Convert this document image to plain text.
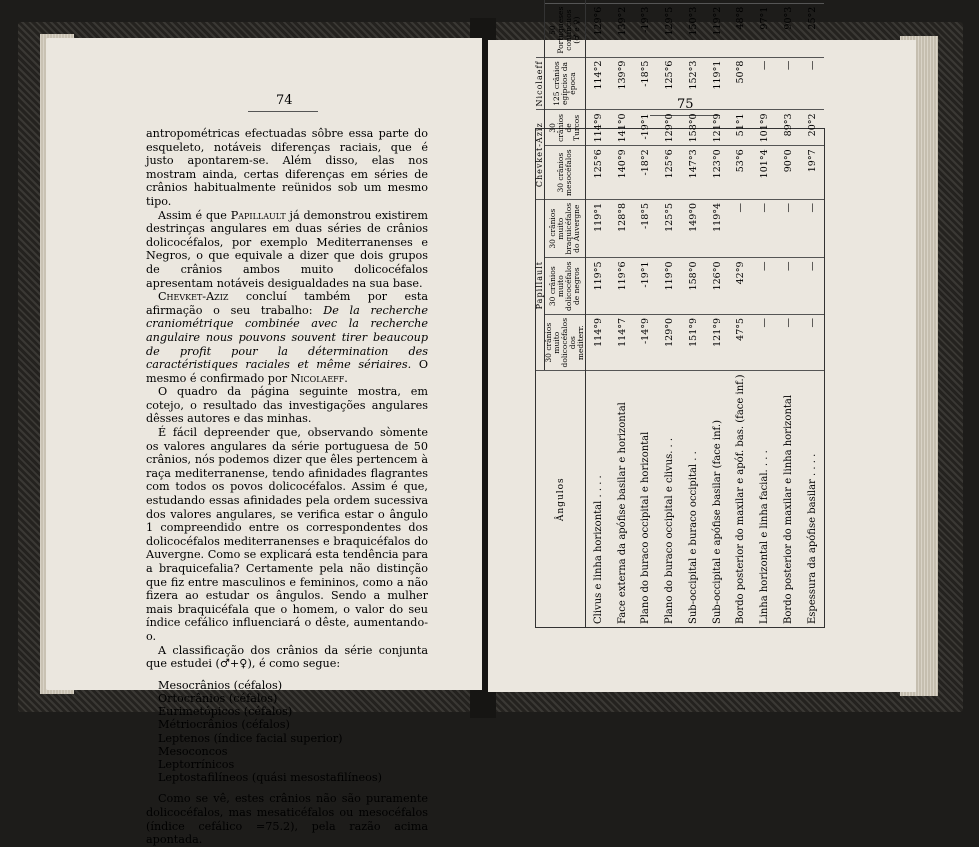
74	75

antropométricas efectuadas sôbre essa parte do esqueleto, notáveis diferenças raciais, que é justo apontarem-se. Além disso, elas nos mostram ainda, certas diferenças em séries de crânios habitualmente reünidos sob um mesmo tipo.

Assim é que Papillault já demonstrou existirem destrinças angulares em duas séries de crânios dolicocéfalos, por exemplo Mediterranenses e Negros, o que equivale a dizer que dois grupos de crânios ambos muito dolicocéfalos apresentam notáveis desigualdades na sua base.

Chevket-Aziz concluí também por esta afirmação o seu trabalho: De la recherche craniométrique combinée avec la recherche angulaire nous pouvons souvent tirer beaucoup de profit pour la détermination des caractéristiques raciales et même sériaires. O mesmo é confirmado por Nicolaeff.

O quadro da página seguinte mostra, em cotejo, o resultado das investigações angulares dêsses autores e das minhas.

É fácil depreender que, observando sòmente os valores angulares da série portuguesa de 50 crânios, nós podemos dizer que êles pertencem à raça mediterranense, tendo afinidades flagrantes com todos os povos dolicocéfalos. Assim é que, estudando essas afinidades pela ordem sucessiva dos valores angulares, se verifica estar o ângulo 1 compreendido entre os correspondentes dos dolicocéfalos mediterranenses e braquicéfalos do Auvergne. Como se explicará esta tendência para a braquicefalia? Certamente pela não distinção que fiz entre masculinos e femininos, como a não fizera ao estudar os ângulos. Sendo a mulher mais braquicéfala que o homem, o valor do seu índice cefálico influenciará o dêste, aumentando-o.

A classificação dos crânios da série conjunta que estudei (♂+♀), é como segue:

Mesocrânios (céfalos)
Ortocrânios (céfalos)
Eurimetópicos (céfalos)
Métriocrânios (céfalos)
Leptenos (índice facial superior)
Mesoconcos
Leptorrínicos
Leptostafilíneos (quási mesostafilíneos)

Como se vê, estes crânios não são puramente dolicocéfalos, mas mesaticéfalos ou mesocéfalos (índice cefálico =75.2), pela razão acima apontada.

Ângulos	Papillault			Chevket-Aziz		Nicolaeff	
	30 crânios muito dolicocéfalos dos mediterr.	30 crânios muito dolicocéfalos de negros	30 crânios muito braquicéfalos do Auvergne	30 crânios mesocéfalos	30 crânios de Turcos	125 crânios egípcios da época	50 Portugueses contíncuos (♂ e ♀)			
Clivus e linha horizontal . . . .	114°9	119°5	119°1	125°6	114°9	114°2	129°6			
Face externa da apófise basilar e horizontal	114°7	119°6	128°8	140°9	141°0	139°9	139°2			
Plano do buraco occipital e horizontal	-14°9	-19°1	-18°5	-18°2	-19°1	-18°5	-19°3			
Plano do buraco occipital e clivus. . .	129°0	119°0	125°5	125°6	129°0	125°6	129°5			
Sub-occipital e buraco occipital . .	151°9	158°0	149°0	147°3	158°0	152°3	150°3			
Sub-occipital e apófise basilar (face inf.)	121°9	126°0	119°4	123°0	121°9	119°1	119°2			
Bordo posterior do maxilar e apóf. bas. (face inf.)	47°5	42°9	—	53°6	51°1	50°8	48°8			
Linha horizontal e linha facial. . . .	—	—	—	101°4	101°9	—	97°1			
Bordo posterior do maxilar e linha horizontal	—	—	—	90°0	89°3	—	90°3			
Espessura da apófise basilar . . . .	—	—	—	19°7	20°2	—	25°2			
